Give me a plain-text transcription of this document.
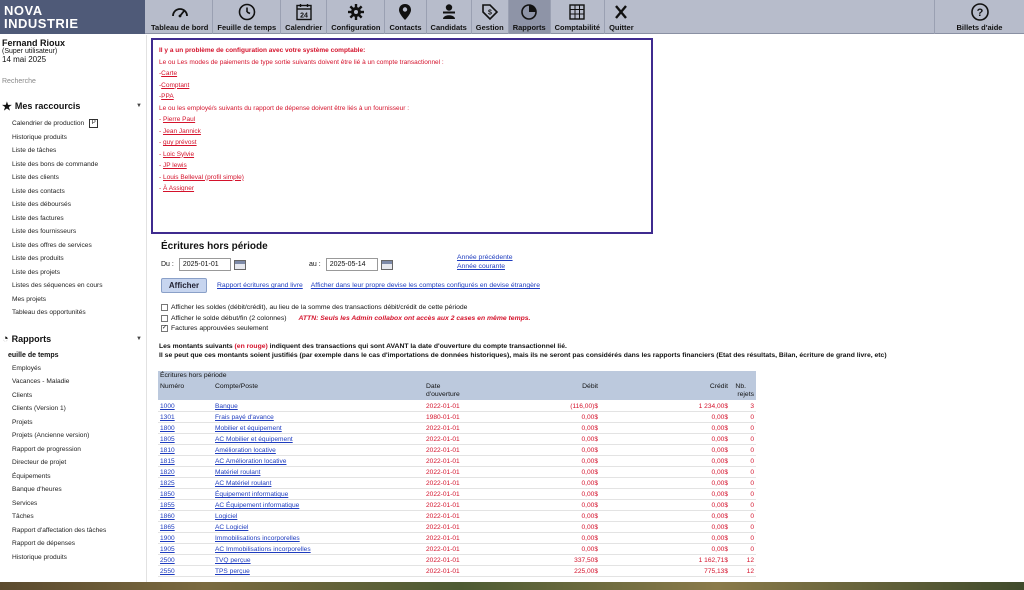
NOVA
INDUSTRIE	Tableau de bord Feuille de temps
24
Calendrier Configuration Contacts Candidats
$
Gestion Rapports Comptabilité Quitter
?
Billets d'aide
Fernand Rioux
(Super utilisateur)
14 mai 2025
Recherche
★ Mes raccourcis	▼
Calendrier de production P
Historique produits
Liste de tâches
Liste des bons de commande
Liste des clients
Liste des contacts
Liste des déboursés
Liste des factures
Liste des fournisseurs
Liste des offres de services
Liste des produits
Liste des projets
Listes des séquences en cours
Mes projets
Tableau des opportunités
◔ Rapports	▼
euille de temps
Employés
Vacances - Maladie
Clients
Clients (Version 1)
Projets
Projets (Ancienne version)
Rapport de progression
Directeur de projet
Équipements
Banque d'heures
Services
Tâches
Rapport d'affectation des tâches
Rapport de dépenses
Historique produits
Il y a un problème de configuration avec votre système comptable:
Le ou Les modes de paiements de type sortie suivants doivent être lié à un compte transactionnel :
-Carte
-Comptant
-PPA
Le ou les employé/s suivants du rapport de dépense doivent être liés à un fournisseur :
- Pierre Paul
- Jean Jannick
- guy prévost
- Loic Sylvie
- JP lewis
- Louis Belleval (profil simple)
- À Assigner
Écritures hors période
Du :	2025-01-01	au :	2025-05-14
Année précédente
Année courante
Afficher	Rapport écritures grand livre Afficher dans leur propre devise les comptes configurés en devise étrangère
Afficher les soldes (débit/crédit), au lieu de la somme des transactions débit/crédit de cette période
Afficher le solde début/fin (2 colonnes) ATTN: Seuls les Admin collabox ont accès aux 2 cases en même temps.
✓ Factures approuvées seulement
Les montants suivants (en rouge) indiquent des transactions qui sont AVANT la date d'ouverture du compte transactionnel lié.
Il se peut que ces montants soient justifiés (par exemple dans le cas d'importations de données historiques), mais ils ne seront pas considérés dans les rapports financiers (Etat des résultats, Bilan, écriture de grand livre, etc)
Écritures hors période
Numéro	Compte/Poste	Date
d'ouverture
Débit	Crédit Nb.
rejets
1000	Banque	2022-01-01	(116,00)$	1 234,00$	3
1301	Frais payé d'avance	1980-01-01	0,00$	0,00$	0
1800	Mobilier et équipement	2022-01-01	0,00$	0,00$	0
1805	AC Mobilier et équipement	2022-01-01	0,00$	0,00$	0
1810	Amélioration locative	2022-01-01	0,00$	0,00$	0
1815	AC Amélioration locative	2022-01-01	0,00$	0,00$	0
1820	Matériel roulant	2022-01-01	0,00$	0,00$	0
1825	AC Matériel roulant	2022-01-01	0,00$	0,00$	0
1850	Équipement informatique	2022-01-01	0,00$	0,00$	0
1855	AC Équipement informatique	2022-01-01	0,00$	0,00$	0
1860	Logiciel	2022-01-01	0,00$	0,00$	0
1865	AC Logiciel	2022-01-01	0,00$	0,00$	0
1900	Immobilisations incorporelles	2022-01-01	0,00$	0,00$	0
1905	AC Immobilisations incorporelles	2022-01-01	0,00$	0,00$	0
2500	TVQ perçue	2022-01-01	337,50$	1 162,71$	12
2550	TPS perçue	2022-01-01	225,00$	775,13$	12
